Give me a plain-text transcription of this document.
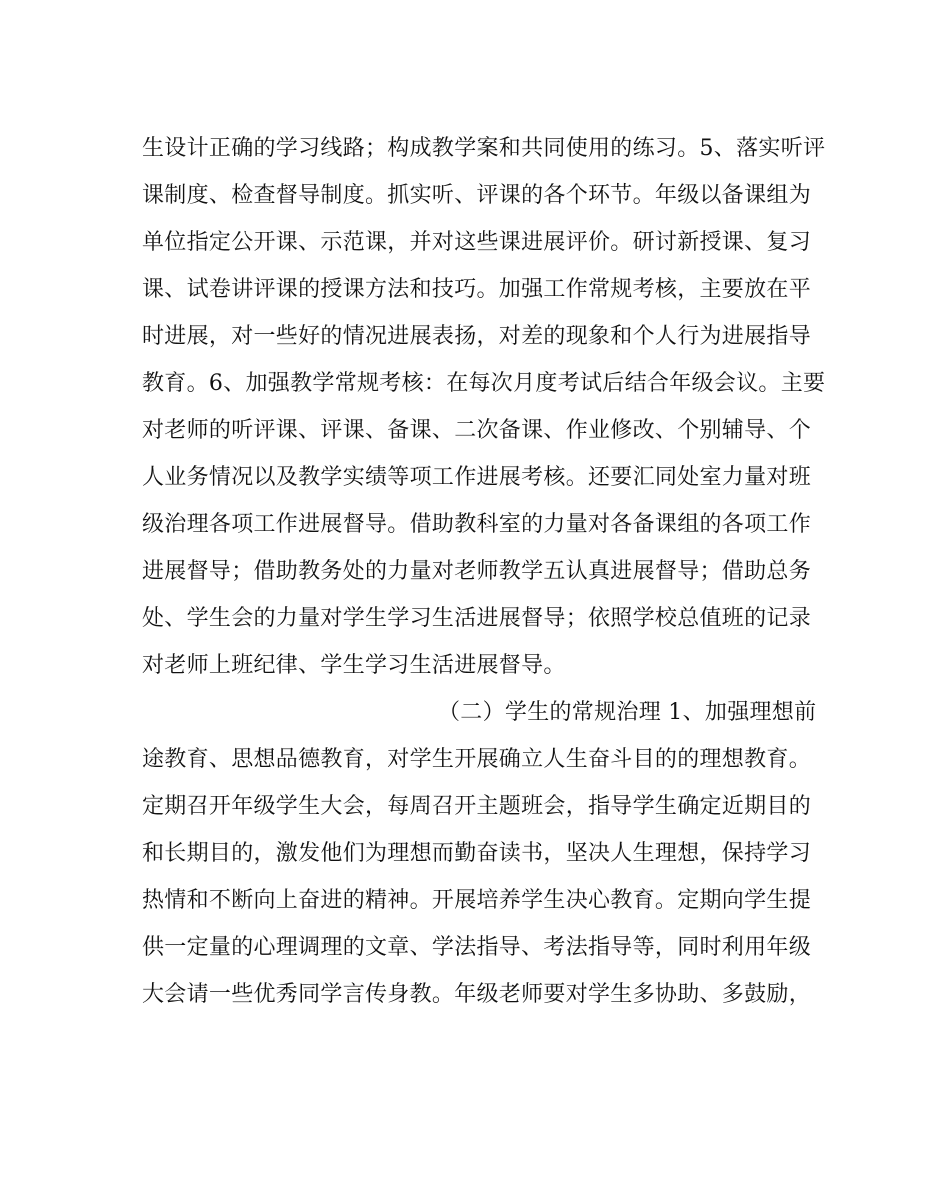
生设计正确的学习线路；构成教学案和共同使用的练习。5、落实听评
课制度、检查督导制度。抓实听、评课的各个环节。年级以备课组为
单位指定公开课、示范课，并对这些课进展评价。研讨新授课、复习
课、试卷讲评课的授课方法和技巧。加强工作常规考核，主要放在平
时进展，对一些好的情况进展表扬，对差的现象和个人行为进展指导
教育。6、加强教学常规考核：在每次月度考试后结合年级会议。主要
对老师的听评课、评课、备课、二次备课、作业修改、个别辅导、个
人业务情况以及教学实绩等项工作进展考核。还要汇同处室力量对班
级治理各项工作进展督导。借助教科室的力量对各备课组的各项工作
进展督导；借助教务处的力量对老师教学五认真进展督导；借助总务
处、学生会的力量对学生学习生活进展督导；依照学校总值班的记录
对老师上班纪律、学生学习生活进展督导。
（二）学生的常规治理 1、加强理想前
途教育、思想品德教育，对学生开展确立人生奋斗目的的理想教育。
定期召开年级学生大会，每周召开主题班会，指导学生确定近期目的
和长期目的，激发他们为理想而勤奋读书，坚决人生理想，保持学习
热情和不断向上奋进的精神。开展培养学生决心教育。定期向学生提
供一定量的心理调理的文章、学法指导、考法指导等，同时利用年级
大会请一些优秀同学言传身教。年级老师要对学生多协助、多鼓励，
